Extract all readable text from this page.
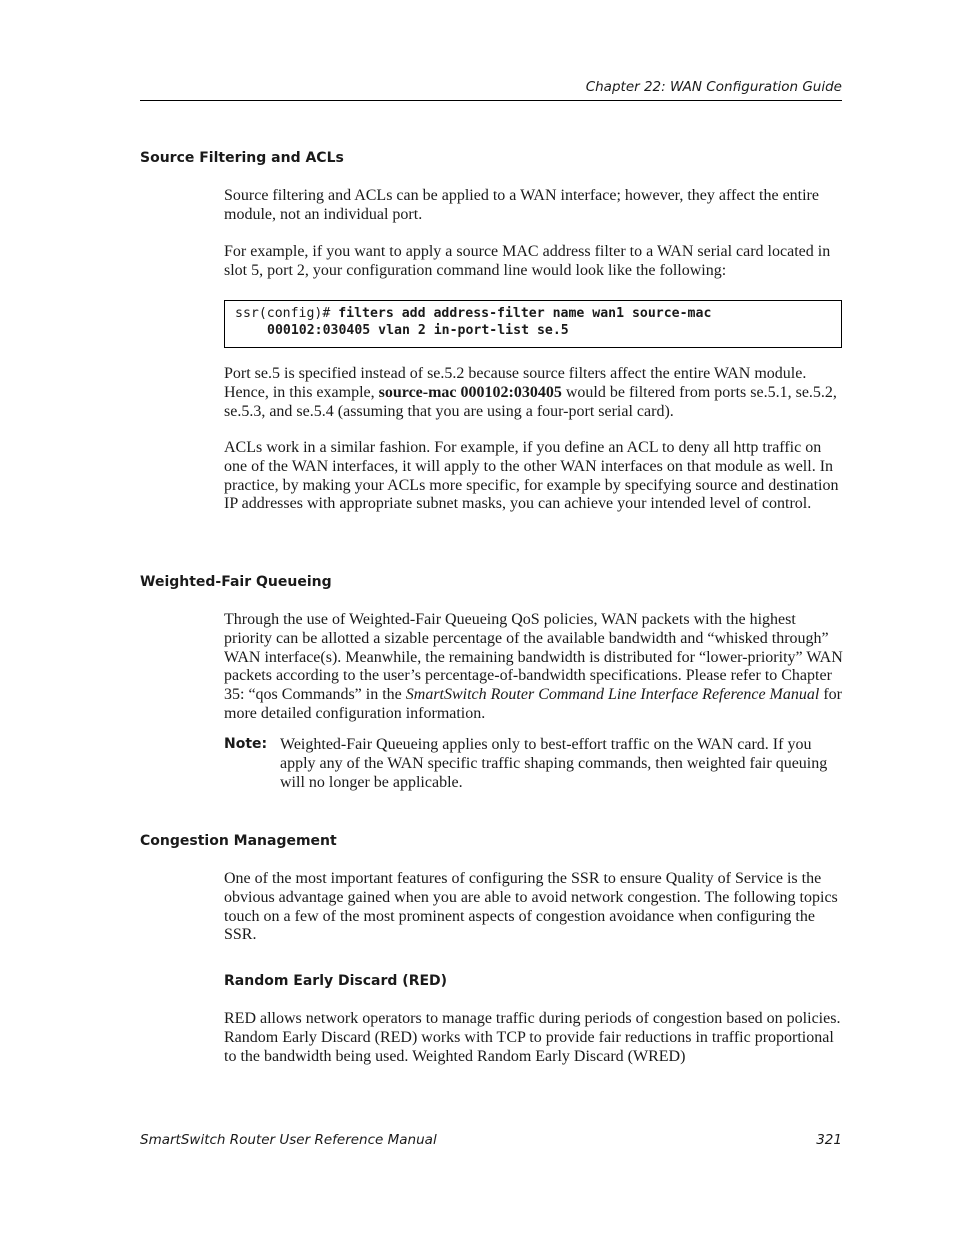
Chapter 22: WAN Configuration Guide
Source Filtering and ACLs

Source filtering and ACLs can be applied to a WAN interface; however, they affect the entire module, not an individual port.

For example, if you want to apply a source MAC address filter to a WAN serial card located in slot 5, port 2, your configuration command line would look like the following:

ssr(config)# filters add address-filter name wan1 source-mac
000102:030405 vlan 2 in-port-list se.5

Port se.5 is specified instead of se.5.2 because source filters affect the entire WAN module. Hence, in this example, source-mac 000102:030405 would be filtered from ports se.5.1, se.5.2, se.5.3, and se.5.4 (assuming that you are using a four-port serial card).

ACLs work in a similar fashion. For example, if you define an ACL to deny all http traffic on one of the WAN interfaces, it will apply to the other WAN interfaces on that module as well. In practice, by making your ACLs more specific, for example by specifying source and destination IP addresses with appropriate subnet masks, you can achieve your intended level of control.

Weighted-Fair Queueing

Through the use of Weighted-Fair Queueing QoS policies, WAN packets with the highest priority can be allotted a sizable percentage of the available bandwidth and “whisked through” WAN interface(s). Meanwhile, the remaining bandwidth is distributed for “lower-priority” WAN packets according to the user’s percentage-of-bandwidth specifications. Please refer to Chapter 35: “qos Commands” in the SmartSwitch Router Command Line Interface Reference Manual for more detailed configuration information.

Note: Weighted-Fair Queueing applies only to best-effort traffic on the WAN card. If you apply any of the WAN specific traffic shaping commands, then weighted fair queuing will no longer be applicable.

Congestion Management

One of the most important features of configuring the SSR to ensure Quality of Service is the obvious advantage gained when you are able to avoid network congestion. The following topics touch on a few of the most prominent aspects of congestion avoidance when configuring the SSR.

Random Early Discard (RED)

RED allows network operators to manage traffic during periods of congestion based on policies. Random Early Discard (RED) works with TCP to provide fair reductions in traffic proportional to the bandwidth being used. Weighted Random Early Discard (WRED)

SmartSwitch Router User Reference Manual	321
